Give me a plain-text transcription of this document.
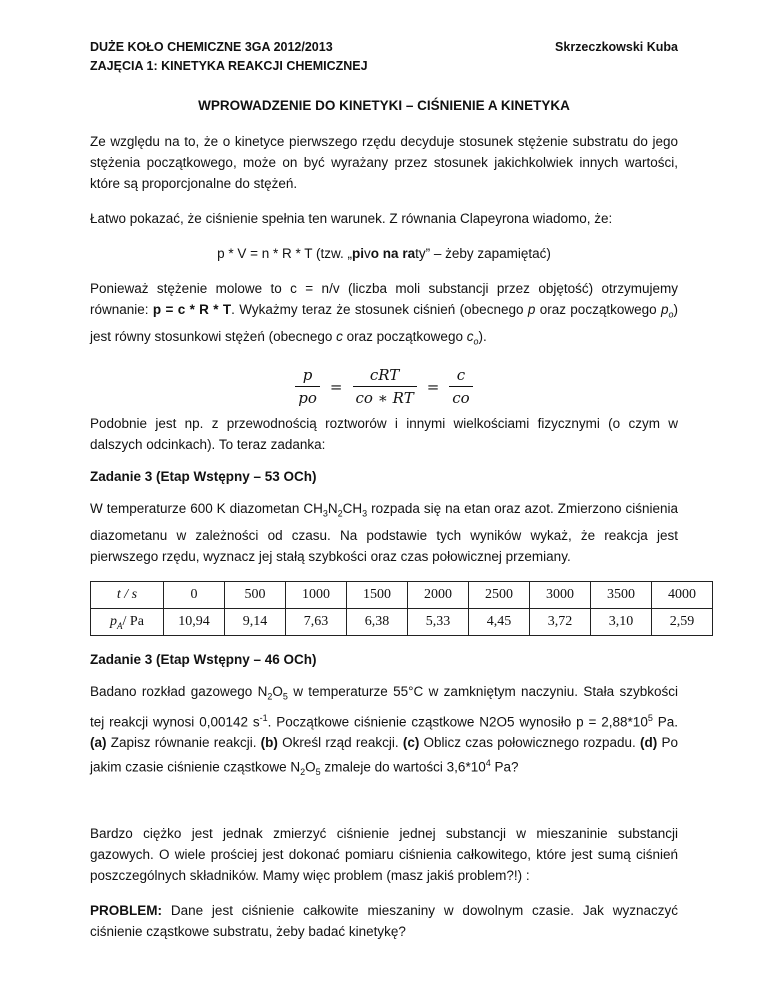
DUŻE KOŁO CHEMICZNE 3GA 2012/2013
ZAJĘCIA 1: KINETYKA REAKCJI CHEMICZNEJ
Skrzeczkowski Kuba
WPROWADZENIE DO KINETYKI – CIŚNIENIE A KINETYKA

Ze względu na to, że o kinetyce pierwszego rzędu decyduje stosunek stężenie substratu do jego stężenia początkowego, może on być wyrażany przez stosunek jakichkolwiek innych wartości, które są proporcjonalne do stężeń.

Łatwo pokazać, że ciśnienie spełnia ten warunek. Z równania Clapeyrona wiadomo, że:

p * V = n * R * T (tzw. „pivo na raty” – żeby zapamiętać)

Ponieważ stężenie molowe to c = n/v (liczba moli substancji przez objętość) otrzymujemy równanie: p = c * R * T. Wykażmy teraz że stosunek ciśnień (obecnego p oraz początkowego $p_o$) jest równy stosunkowi stężeń (obecnego c oraz początkowego $c_o$).

$\frac{p}{po} = \frac{\text{cRT}}{co ∗ RT} = \frac{c}{co}$

Podobnie jest np. z przewodnością roztworów i innymi wielkościami fizycznymi (o czym w dalszych odcinkach). To teraz zadanka:

Zadanie 3 (Etap Wstępny – 53 OCh)

W temperaturze 600 K diazometan $CH_3N_2CH_3$ rozpada się na etan oraz azot. Zmierzono ciśnienia diazometanu w zależności od czasu. Na podstawie tych wyników wykaż, że reakcja jest pierwszego rzędu, wyznacz jej stałą szybkości oraz czas połowicznej przemiany.

t / s	0	500	1000	1500	2000	2500	3000	3500	4000
$p_A/$ Pa	10,94	9,14	7,63	6,38	5,33	4,45	3,72	3,10	2,59
Zadanie 3 (Etap Wstępny – 46 OCh)

Badano rozkład gazowego $N_2O_5$ w temperaturze 55°C w zamkniętym naczyniu. Stała szybkości tej reakcji wynosi 0,00142 $s^{-1}$. Początkowe ciśnienie cząstkowe N2O5 wynosiło $p = 2,88*10^5$ Pa. (a) Zapisz równanie reakcji. (b) Określ rząd reakcji. (c) Oblicz czas połowicznego rozpadu. (d) Po jakim czasie ciśnienie cząstkowe $N_2O_5$ zmaleje do wartości $3,6*10^4$ Pa?

Bardzo ciężko jest jednak zmierzyć ciśnienie jednej substancji w mieszaninie substancji gazowych. O wiele prościej jest dokonać pomiaru ciśnienia całkowitego, które jest sumą ciśnień poszczególnych składników. Mamy więc problem (masz jakiś problem?!) :

PROBLEM: Dane jest ciśnienie całkowite mieszaniny w dowolnym czasie. Jak wyznaczyć ciśnienie cząstkowe substratu, żeby badać kinetykę?
